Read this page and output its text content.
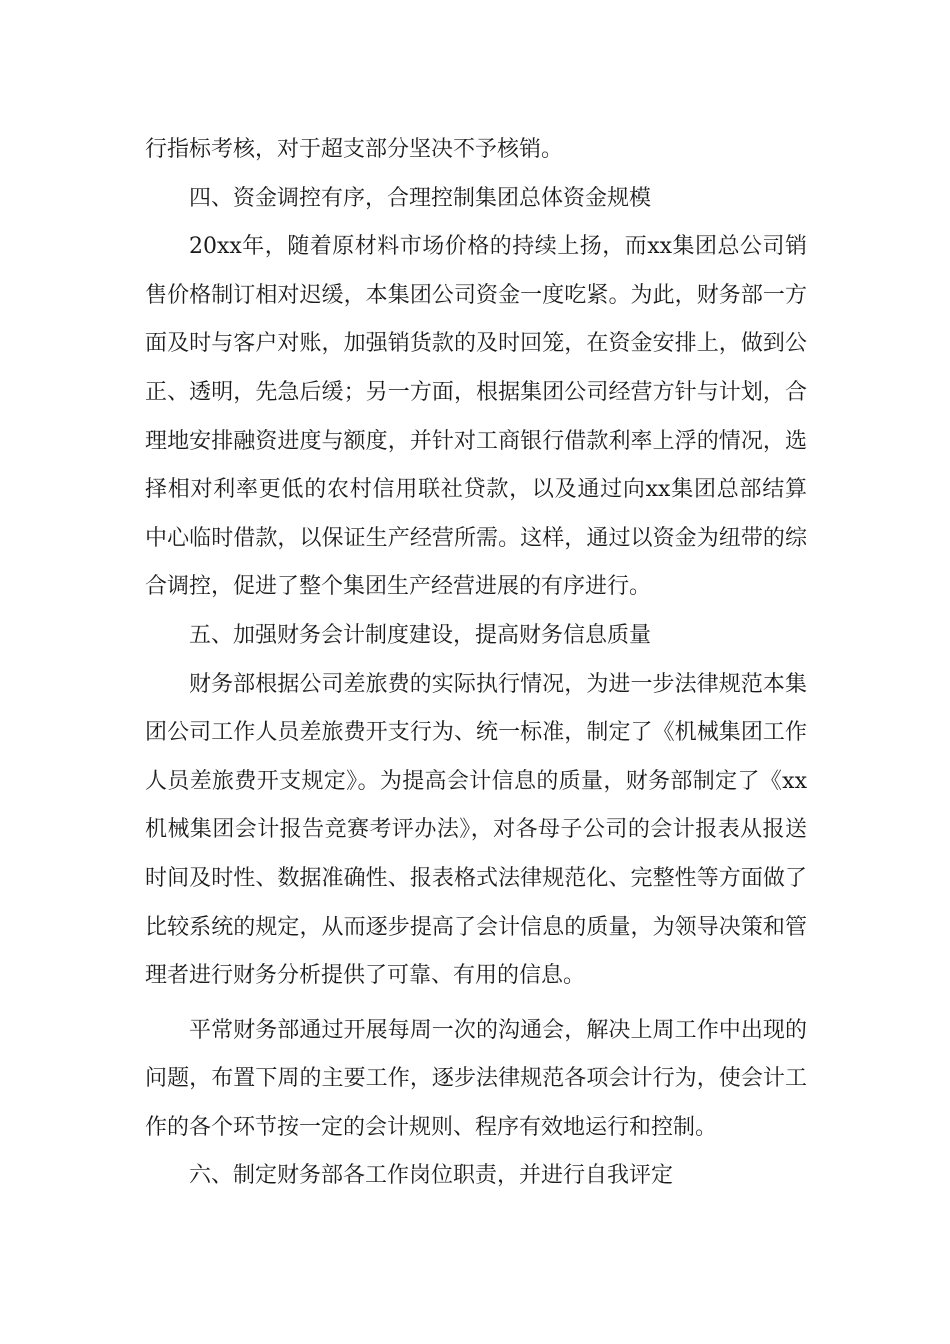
行指标考核，对于超支部分坚决不予核销。

四、资金调控有序，合理控制集团总体资金规模

20xx年，随着原材料市场价格的持续上扬，而xx集团总公司销售价格制订相对迟缓，本集团公司资金一度吃紧。为此，财务部一方面及时与客户对账，加强销货款的及时回笼，在资金安排上，做到公正、透明，先急后缓；另一方面，根据集团公司经营方针与计划，合理地安排融资进度与额度，并针对工商银行借款利率上浮的情况，选择相对利率更低的农村信用联社贷款，以及通过向xx集团总部结算中心临时借款，以保证生产经营所需。这样，通过以资金为纽带的综合调控，促进了整个集团生产经营进展的有序进行。

五、加强财务会计制度建设，提高财务信息质量

财务部根据公司差旅费的实际执行情况，为进一步法律规范本集团公司工作人员差旅费开支行为、统一标准，制定了《机械集团工作人员差旅费开支规定》。为提高会计信息的质量，财务部制定了《xx机械集团会计报告竞赛考评办法》，对各母子公司的会计报表从报送时间及时性、数据准确性、报表格式法律规范化、完整性等方面做了比较系统的规定，从而逐步提高了会计信息的质量，为领导决策和管理者进行财务分析提供了可靠、有用的信息。

平常财务部通过开展每周一次的沟通会，解决上周工作中出现的问题，布置下周的主要工作，逐步法律规范各项会计行为，使会计工作的各个环节按一定的会计规则、程序有效地运行和控制。

六、制定财务部各工作岗位职责，并进行自我评定
